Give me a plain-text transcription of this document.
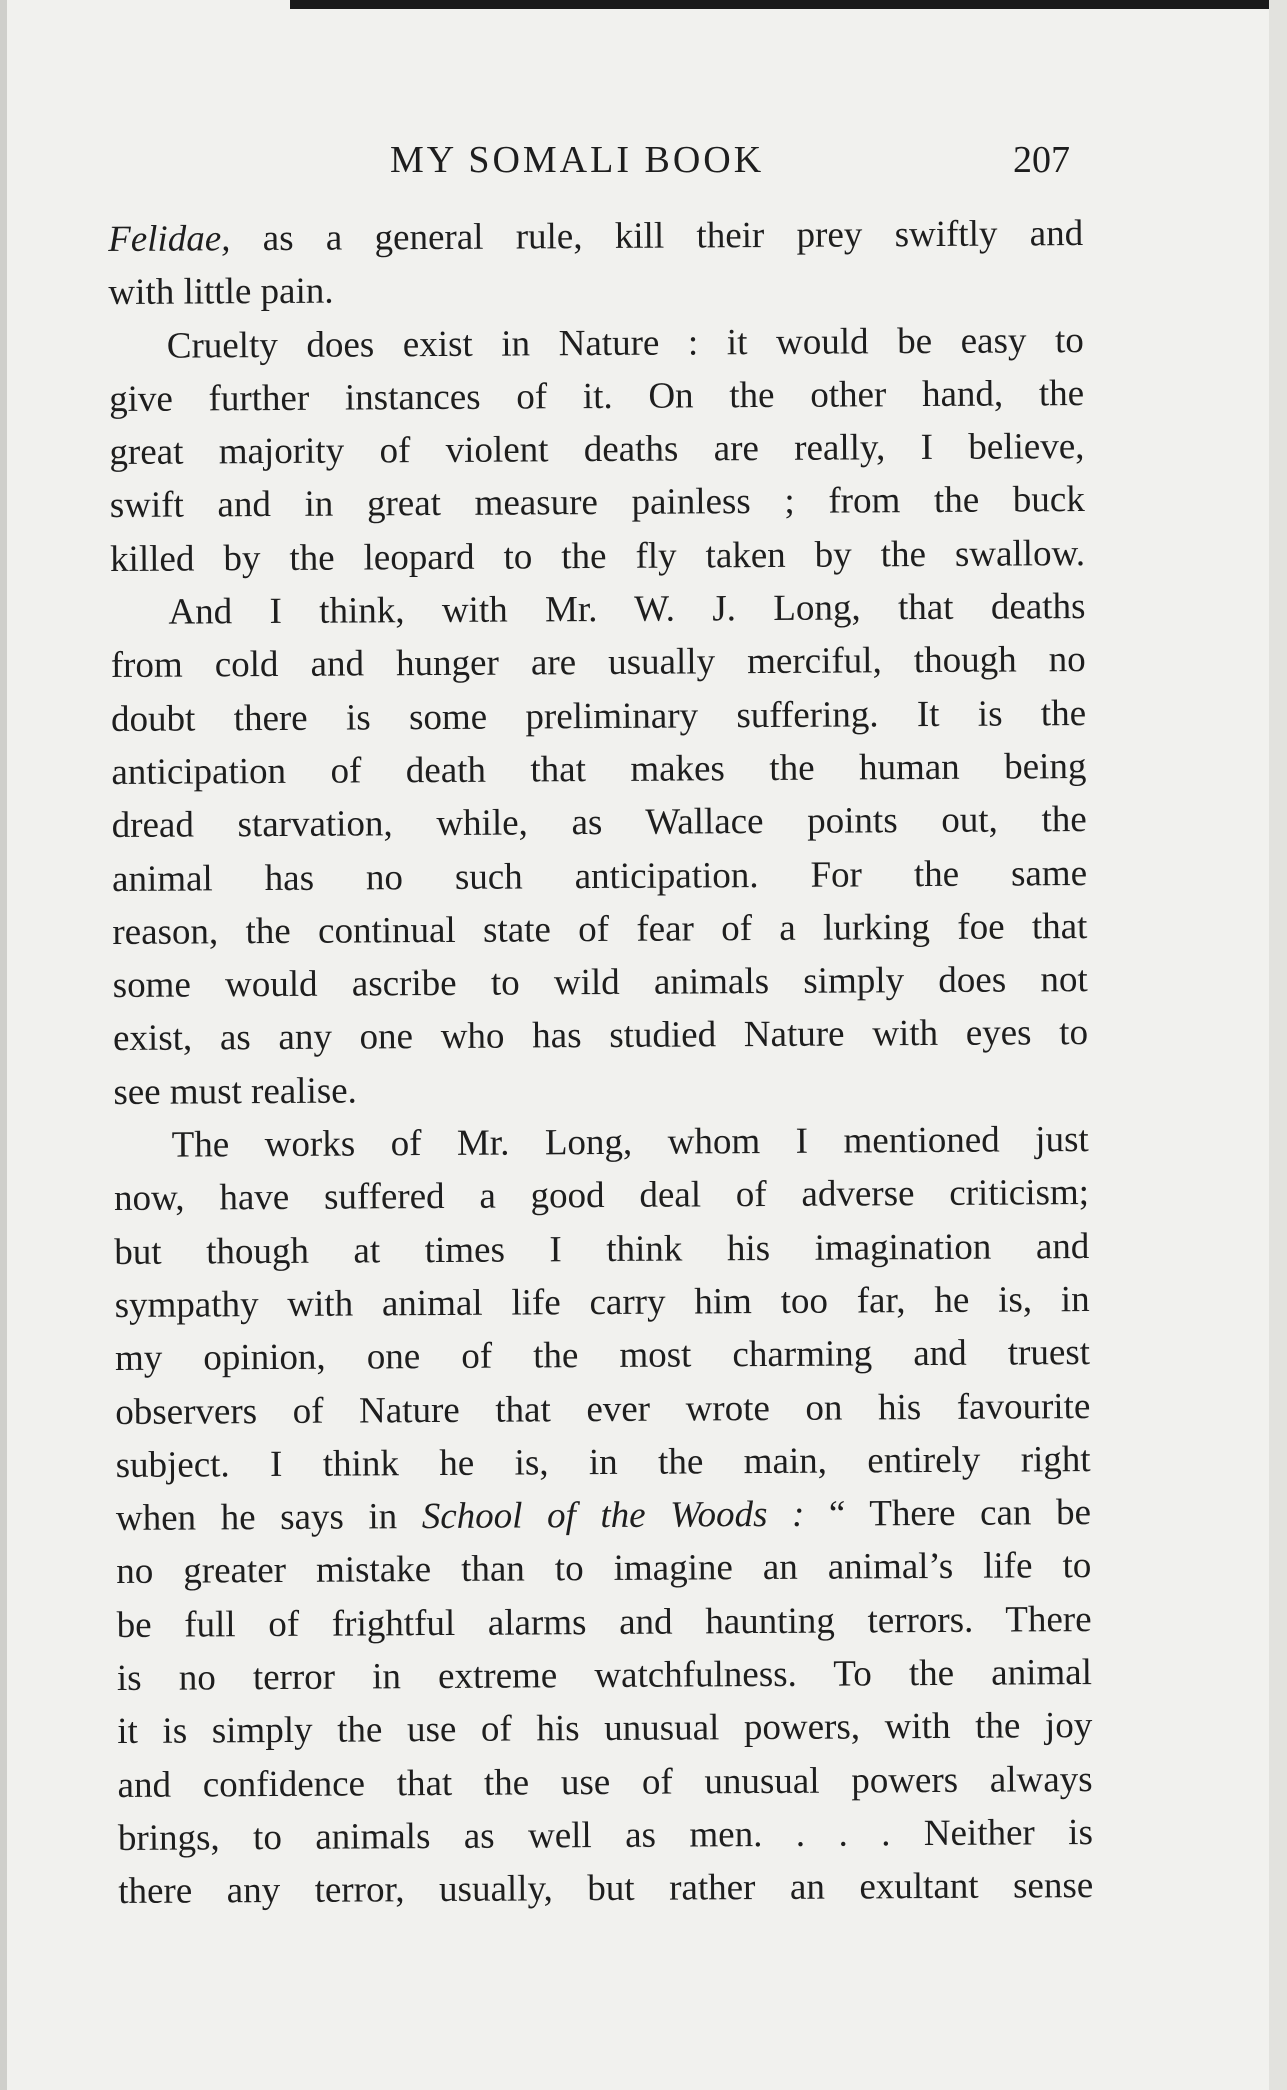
MY SOMALI BOOK	207
Felidae, as a general rule, kill their prey swiftly and
with little pain.
Cruelty does exist in Nature : it would be easy to
give further instances of it. On the other hand, the
great majority of violent deaths are really, I believe,
swift and in great measure painless ; from the buck
killed by the leopard to the fly taken by the swallow.
And I think, with Mr. W. J. Long, that deaths
from cold and hunger are usually merciful, though no
doubt there is some preliminary suffering. It is the
anticipation of death that makes the human being
dread starvation, while, as Wallace points out, the
animal has no such anticipation. For the same
reason, the continual state of fear of a lurking foe that
some would ascribe to wild animals simply does not
exist, as any one who has studied Nature with eyes to
see must realise.
The works of Mr. Long, whom I mentioned just
now, have suffered a good deal of adverse criticism;
but though at times I think his imagination and
sympathy with animal life carry him too far, he is, in
my opinion, one of the most charming and truest
observers of Nature that ever wrote on his favourite
subject. I think he is, in the main, entirely right
when he says in School of the Woods : “ There can be
no greater mistake than to imagine an animal’s life to
be full of frightful alarms and haunting terrors. There
is no terror in extreme watchfulness. To the animal
it is simply the use of his unusual powers, with the joy
and confidence that the use of unusual powers always
brings, to animals as well as men. . . . Neither is
there any terror, usually, but rather an exultant sense
